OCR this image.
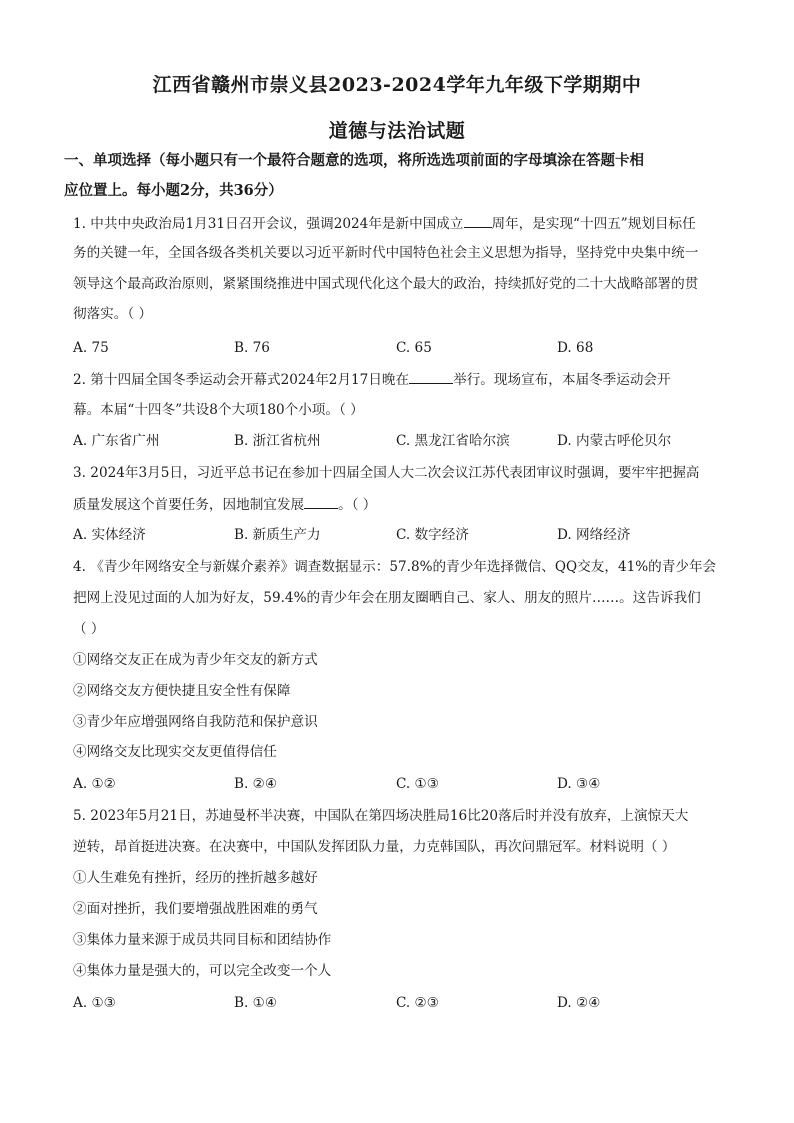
江西省赣州市崇义县2023-2024学年九年级下学期期中
道德与法治试题
一、单项选择（每小题只有一个最符合题意的选项，将所选选项前面的字母填涂在答题卡相
应位置上。每小题2分，共36分）
1. 中共中央政治局1月31日召开会议，强调2024年是新中国成立 周年，是实现“十四五”规划目标任
务的关键一年，全国各级各类机关要以习近平新时代中国特色社会主义思想为指导，坚持党中央集中统一
领导这个最高政治原则，紧紧围绕推进中国式现代化这个最大的政治，持续抓好党的二十大战略部署的贯
彻落实。（ ）
A. 75	B. 76	C. 65	D. 68
2. 第十四届全国冬季运动会开幕式2024年2月17日晚在	举行。现场宣布，本届冬季运动会开
幕。本届“十四冬”共设8个大项180个小项。（ ）
A. 广东省广州	B. 浙江省杭州	C. 黑龙江省哈尔滨	D. 内蒙古呼伦贝尔
3. 2024年3月5日，习近平总书记在参加十四届全国人大二次会议江苏代表团审议时强调，要牢牢把握高
质量发展这个首要任务，因地制宜发展	。（ ）
A. 实体经济	B. 新质生产力	C. 数字经济	D. 网络经济
4. 《青少年网络安全与新媒介素养》调查数据显示：57.8%的青少年选择微信、QQ交友，41%的青少年会
把网上没见过面的人加为好友，59.4%的青少年会在朋友圈晒自己、家人、朋友的照片……。这告诉我们
（ ）
①网络交友正在成为青少年交友的新方式
②网络交友方便快捷且安全性有保障
③青少年应增强网络自我防范和保护意识
④网络交友比现实交友更值得信任
A. ①②	B. ②④	C. ①③	D. ③④
5. 2023年5月21日，苏迪曼杯半决赛，中国队在第四场决胜局16比20落后时并没有放弃，上演惊天大
逆转，昂首挺进决赛。在决赛中，中国队发挥团队力量，力克韩国队，再次问鼎冠军。材料说明（ ）
①人生难免有挫折，经历的挫折越多越好
②面对挫折，我们要增强战胜困难的勇气
③集体力量来源于成员共同目标和团结协作
④集体力量是强大的，可以完全改变一个人
A. ①③	B. ①④	C. ②③	D. ②④
